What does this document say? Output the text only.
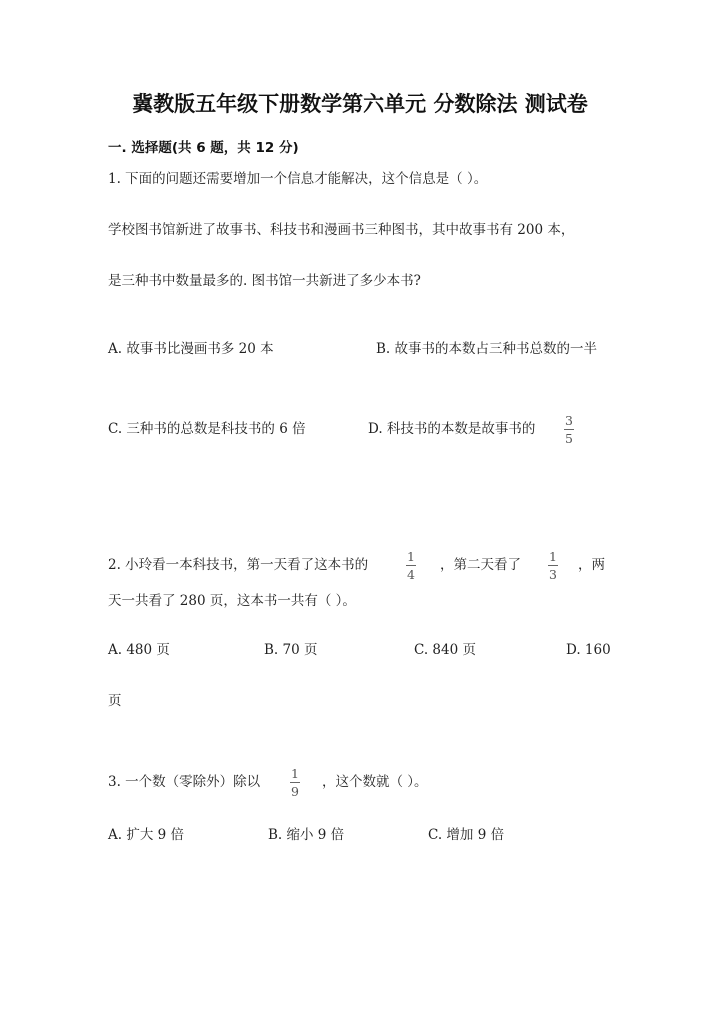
冀教版五年级下册数学第六单元 分数除法 测试卷
一. 选择题(共 6 题，共 12 分)
1. 下面的问题还需要增加一个信息才能解决，这个信息是（ ）。
学校图书馆新进了故事书、科技书和漫画书三种图书，其中故事书有 200 本，
是三种书中数量最多的. 图书馆一共新进了多少本书?
A. 故事书比漫画书多 20 本	B. 故事书的本数占三种书总数的一半
C. 三种书的总数是科技书的 6 倍	D. 科技书的本数是故事书的
3
5
2. 小玲看一本科技书，第一天看了这本书的
1
4
，第二天看了
1
3
，两
天一共看了 280 页，这本书一共有（ ）。
A. 480 页	B. 70 页	C. 840 页	D. 160
页
3. 一个数（零除外）除以
1
9
，这个数就（ ）。
A. 扩大 9 倍	B. 缩小 9 倍	C. 增加 9 倍
